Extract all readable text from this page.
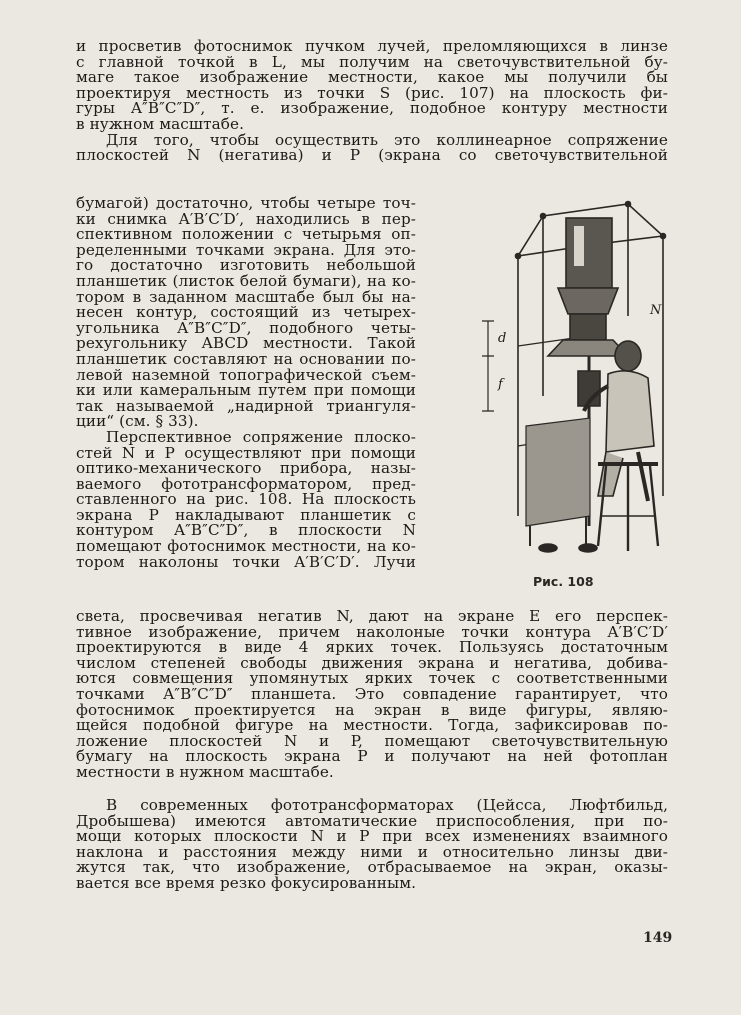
и просветив фотоснимок пучком лучей, преломляющихся в линзе
с главной точкой в L, мы получим на светочувствительной бу-
маге такое изображение местности, какое мы получили бы
проектируя местность из точки S (рис. 107) на плоскость фи-
гуры A″B″C″D″, т. е. изображение, подобное контуру местности
в нужном масштабе.
Для того, чтобы осуществить это коллинеарное сопряжение
плоскостей N (негатива) и P (экрана со светочувствительной
бумагой) достаточно, чтобы четыре точ-
ки снимка A′B′C′D′, находились в пер-
спективном положении с четырьмя оп-
ределенными точками экрана. Для это-
го достаточно изготовить небольшой
планшетик (листок белой бумаги), на ко-
тором в заданном масштабе был бы на-
несен контур, состоящий из четырех-
угольника A″B″C″D″, подобного четы-
рехугольнику ABCD местности. Такой
планшетик составляют на основании по-
левой наземной топографической съем-
ки или камеральным путем при помощи
так называемой „надирной триангуля-
ции“ (см. § 33).
Перспективное сопряжение плоско-
стей N и P осуществляют при помощи
оптико-механического прибора, назы-
ваемого фототрансформатором, пред-
ставленного на рис. 108. На плоскость
экрана P накладывают планшетик с
контуром A″B″C″D″, в плоскости N
помещают фотоснимок местности, на ко-
тором наколоны точки A′B′C′D′. Лучи
d
f
N
Рис. 108
света, просвечивая негатив N, дают на экране E его перспек-
тивное изображение, причем наколоные точки контура A′B′C′D′
проектируются в виде 4 ярких точек. Пользуясь достаточным
числом степеней свободы движения экрана и негатива, добива-
ются совмещения упомянутых ярких точек с соответственными
точками A″B″C″D″ планшета. Это совпадение гарантирует, что
фотоснимок проектируется на экран в виде фигуры, являю-
щейся подобной фигуре на местности. Тогда, зафиксировав по-
ложение плоскостей N и P, помещают светочувствительную
бумагу на плоскость экрана P и получают на ней фотоплан
местности в нужном масштабе.
В современных фототрансформаторах (Цейсса, Люфтбильд,
Дробышева) имеются автоматические приспособления, при по-
мощи которых плоскости N и P при всех изменениях взаимного
наклона и расстояния между ними и относительно линзы дви-
жутся так, что изображение, отбрасываемое на экран, оказы-
вается все время резко фокусированным.
149
